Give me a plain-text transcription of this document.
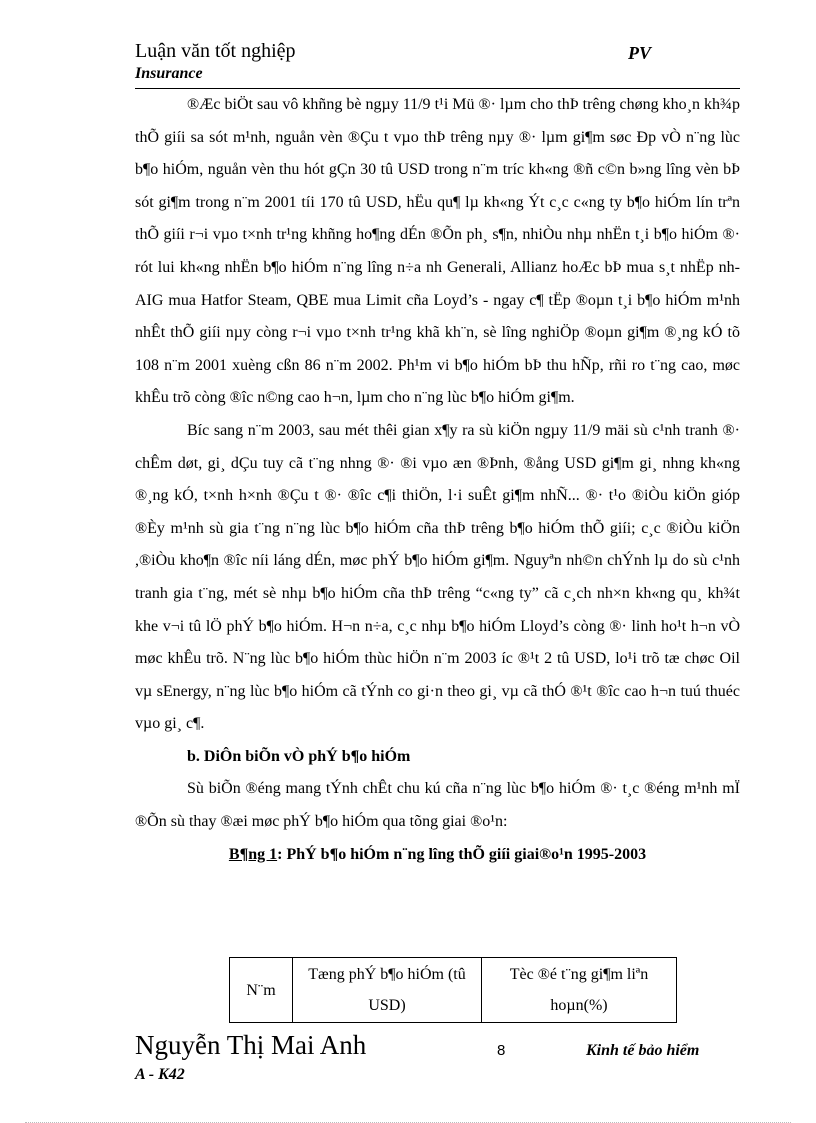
Luận văn tốt nghiệp
Insurance
PV

®Æc biÖt sau vô khñng bè ngµy 11/9 t¹i Mü ®· lµm cho thÞ trêng chøng kho¸n kh¾p thÕ giíi sa sót m¹nh, nguån vèn ®Çu t vµo thÞ trêng nµy ®· lµm gi¶m søc Ðp vÒ n¨ng lùc b¶o hiÓm, nguån vèn thu hót gÇn 30 tû USD trong n¨m tríc kh«ng ®ñ c©n b»ng lîng vèn bÞ sót gi¶m trong n¨m 2001 tíi 170 tû USD, hËu qu¶ lµ kh«ng Ýt c¸c c«ng ty b¶o hiÓm lín trªn thÕ giíi r¬i vµo t×nh tr¹ng khñng ho¶ng dÉn ®Õn ph¸ s¶n, nhiÒu nhµ nhËn t¸i b¶o hiÓm ®· rót lui kh«ng nhËn b¶o hiÓm n¨ng lîng n÷a nh Generali, Allianz hoÆc bÞ mua s¸t nhËp nh AIG mua Hatfor Steam, QBE mua Limit cña Loyd’s - ngay c¶ tËp ®oµn t¸i b¶o hiÓm m¹nh nhÊt thÕ giíi nµy còng r¬i vµo t×nh tr¹ng khã kh¨n, sè lîng nghiÖp ®oµn gi¶m ®¸ng kÓ tõ 108 n¨m 2001 xuèng cßn 86 n¨m 2002. Ph¹m vi b¶o hiÓm bÞ thu hÑp, rñi ro t¨ng cao, møc khÊu trõ còng ®îc n©ng cao h¬n, lµm cho n¨ng lùc b¶o hiÓm gi¶m.

Bíc sang n¨m 2003, sau mét thêi gian x¶y ra sù kiÖn ngµy 11/9 mäi sù c¹nh tranh ®· chÊm døt, gi¸ dÇu tuy cã t¨ng nhng ®· ®i vµo æn ®Þnh, ®ång USD gi¶m gi¸ nhng kh«ng ®¸ng kÓ, t×nh h×nh ®Çu t ®· ®îc c¶i thiÖn, l·i suÊt gi¶m nhÑ... ®· t¹o ®iÒu kiÖn gióp ®Èy m¹nh sù gia t¨ng n¨ng lùc b¶o hiÓm cña thÞ trêng b¶o hiÓm thÕ giíi; c¸c ®iÒu kiÖn ,®iÒu kho¶n ®îc níi láng dÉn, møc phÝ b¶o hiÓm gi¶m. Nguyªn nh©n chÝnh lµ do sù c¹nh tranh gia t¨ng, mét sè nhµ b¶o hiÓm cña thÞ trêng “c«ng ty” cã c¸ch nh×n kh«ng qu¸ kh¾t khe v¬i tû lÖ phÝ b¶o hiÓm. H¬n n÷a, c¸c nhµ b¶o hiÓm Lloyd’s còng ®· linh ho¹t h¬n vÒ møc khÊu trõ. N¨ng lùc b¶o hiÓm thùc hiÖn n¨m 2003 íc ®¹t 2 tû USD, lo¹i trõ tæ chøc Oil vµ sEnergy, n¨ng lùc b¶o hiÓm cã tÝnh co gi·n theo gi¸ vµ cã thÓ ®¹t ®îc cao h¬n tuú thuéc vµo gi¸ c¶.

b. DiÔn biÕn vÒ phÝ b¶o hiÓm

Sù biÕn ®éng mang tÝnh chÊt chu kú cña n¨ng lùc b¶o hiÓm ®· t¸c ®éng m¹nh mÏ ®Õn sù thay ®æi møc phÝ b¶o hiÓm qua tõng giai ®o¹n:

B¶ng 1: PhÝ b¶o hiÓm n¨ng lîng thÕ giíi giai®o¹n 1995-2003

N¨m	Tæng phÝ b¶o hiÓm (tû USD)	Tèc ®é t¨ng gi¶m liªn hoµn(%)
Nguyễn Thị Mai Anh	8	Kinh tế bảo hiểm
A - K42
